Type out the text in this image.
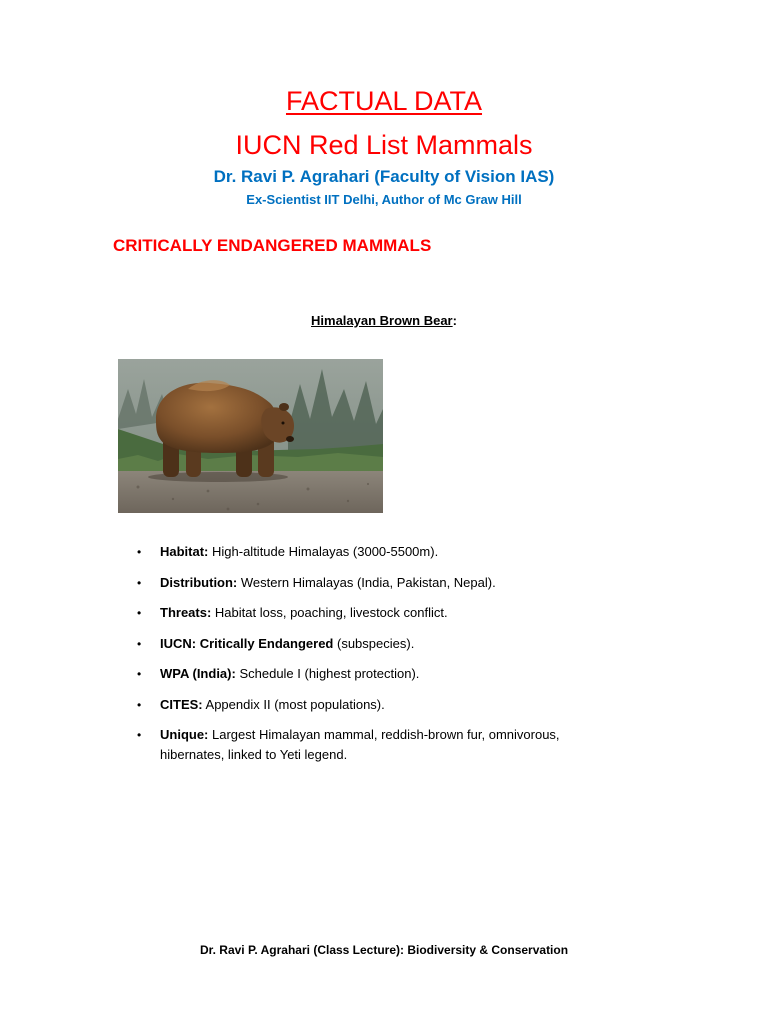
FACTUAL DATA
IUCN Red List Mammals
Dr. Ravi P. Agrahari (Faculty of Vision IAS)
Ex-Scientist IIT Delhi, Author of Mc Graw Hill
CRITICALLY ENDANGERED MAMMALS
Himalayan Brown Bear:
• Habitat: High-altitude Himalayas (3000-5500m).
• Distribution: Western Himalayas (India, Pakistan, Nepal).
• Threats: Habitat loss, poaching, livestock conflict.
• IUCN: Critically Endangered (subspecies).
• WPA (India): Schedule I (highest protection).
• CITES: Appendix II (most populations).
• Unique: Largest Himalayan mammal, reddish-brown fur, omnivorous, hibernates, linked to Yeti legend.
Dr. Ravi P. Agrahari (Class Lecture): Biodiversity & Conservation
